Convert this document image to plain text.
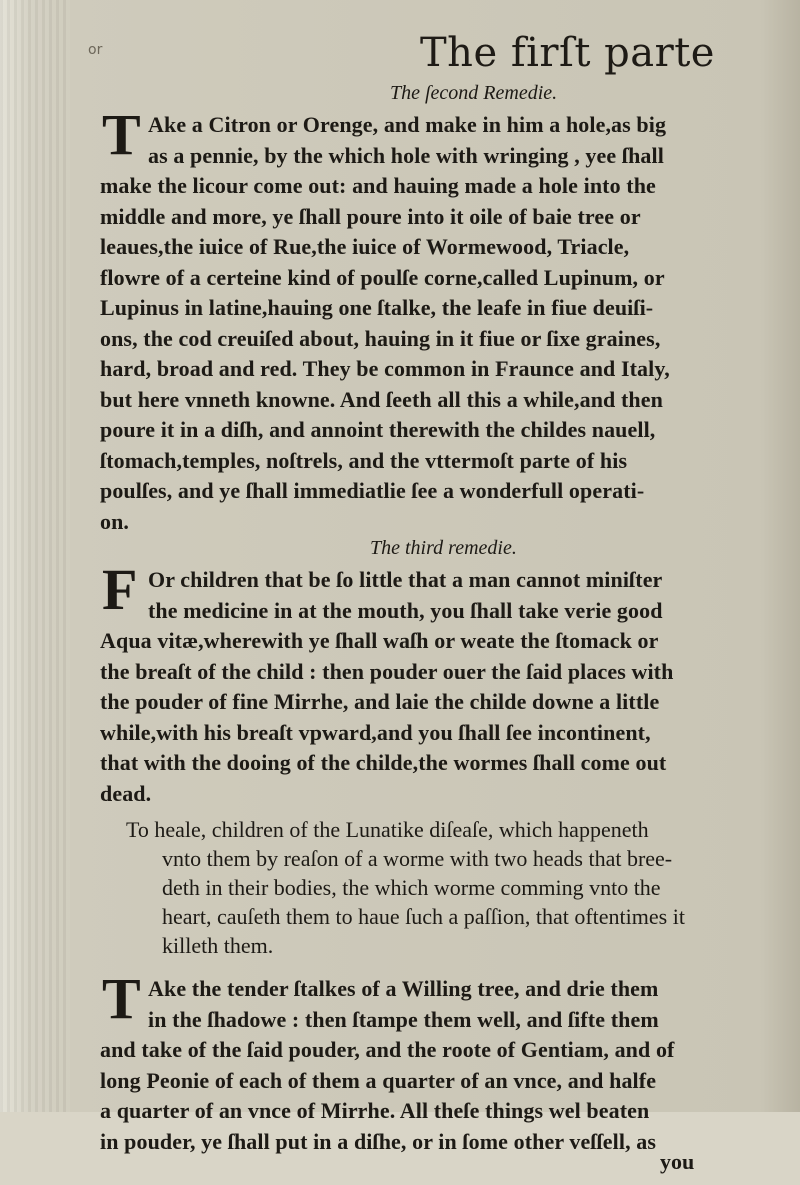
or	The firſt parte
The ſecond Remedie.
T Ake a Citron or Orenge, and make in him a hole,as big
as a pennie, by the which hole with wringing , yee ſhall
make the licour come out: and hauing made a hole into the
middle and more, ye ſhall poure into it oile of baie tree or
leaues,the iuice of Rue,the iuice of Wormewood, Triacle,
flowre of a certeine kind of poulſe corne,called Lupinum, or
Lupinus in latine,hauing one ſtalke, the leafe in fiue deuiſi-
ons, the cod creuiſed about, hauing in it fiue or ſixe graines,
hard, broad and red. They be common in Fraunce and Italy,
but here vnneth knowne. And ſeeth all this a while,and then
poure it in a diſh, and annoint therewith the childes nauell,
ſtomach,temples, noſtrels, and the vttermoſt parte of his
poulſes, and ye ſhall immediatlie ſee a wonderfull operati-
on.
The third remedie.
F Or children that be ſo little that a man cannot miniſter
the medicine in at the mouth, you ſhall take verie good
Aqua vitæ,wherewith ye ſhall waſh or weate the ſtomack or
the breaſt of the child : then pouder ouer the ſaid places with
the pouder of fine Mirrhe, and laie the childe downe a little
while,with his breaſt vpward,and you ſhall ſee incontinent,
that with the dooing of the childe,the wormes ſhall come out
dead.
To heale, children of the Lunatike diſeaſe, which happeneth
vnto them by reaſon of a worme with two heads that bree-
deth in their bodies, the which worme comming vnto the
heart, cauſeth them to haue ſuch a paſſion, that oftentimes it
killeth them.
T Ake the tender ſtalkes of a Willing tree, and drie them
in the ſhadowe : then ſtampe them well, and ſifte them
and take of the ſaid pouder, and the roote of Gentiam, and of
long Peonie of each of them a quarter of an vnce, and halfe
a quarter of an vnce of Mirrhe. All theſe things wel beaten
in pouder, ye ſhall put in a diſhe, or in ſome other veſſell, as
you
